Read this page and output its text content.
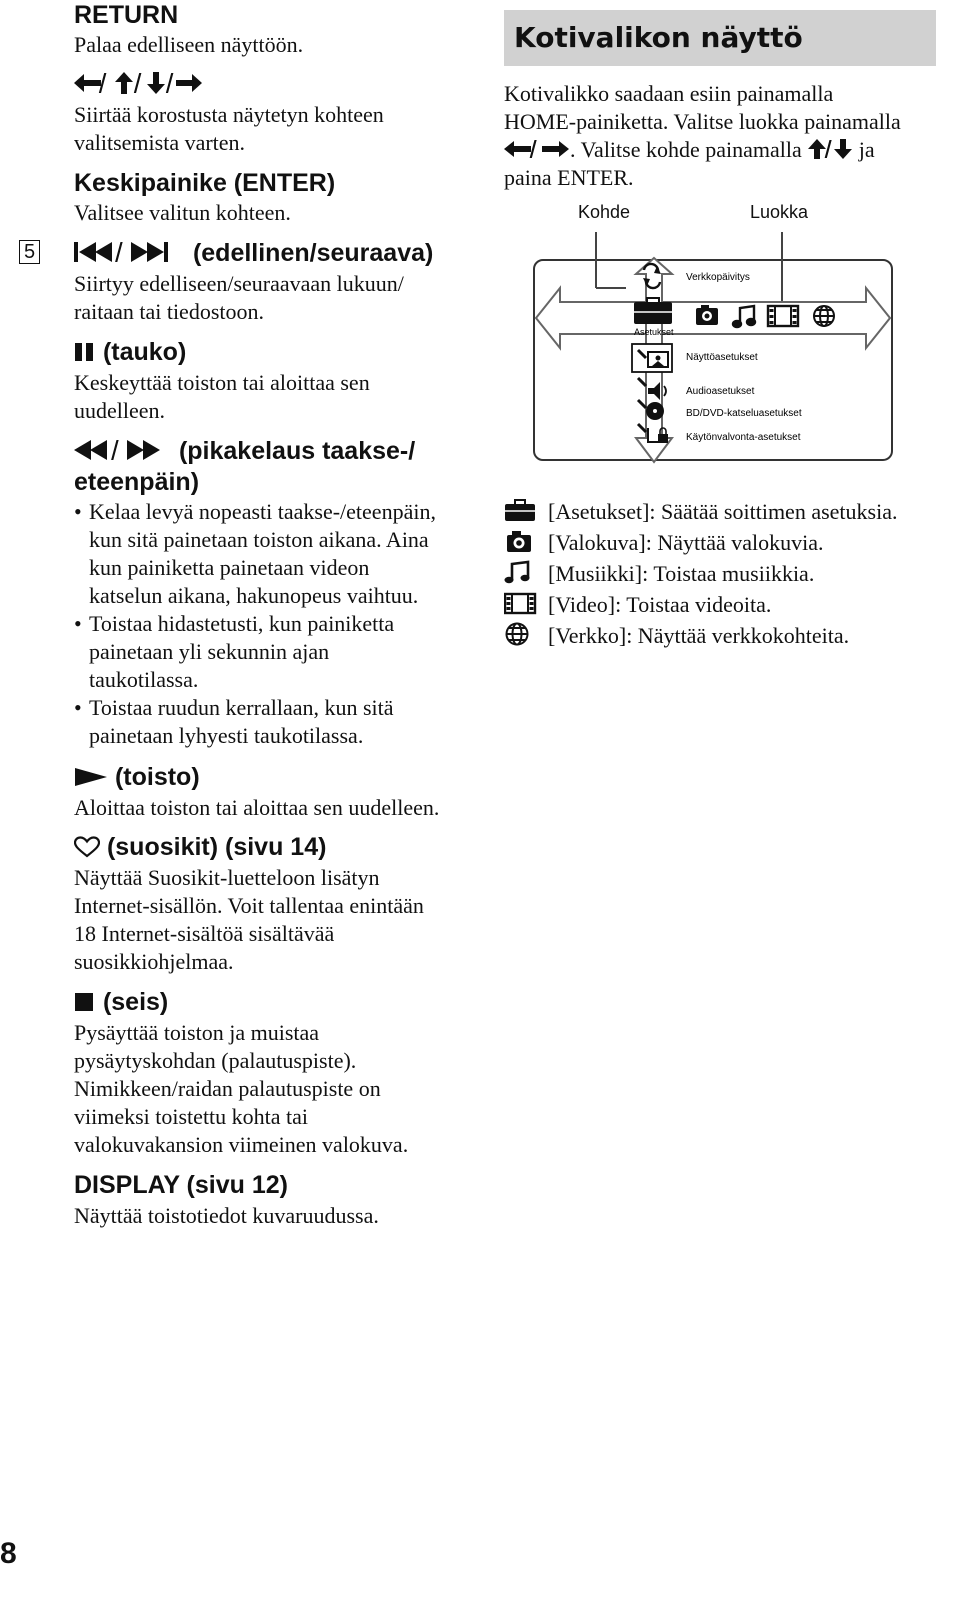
RETURN
Palaa edelliseen näyttöön.
Siirtää korostusta näytetyn kohteen
valitsemista varten.
Keskipainike (ENTER)
Valitsee valitun kohteen.
5	(edellinen/seuraava)
Siirtyy edelliseen/seuraavaan lukuun/
raitaan tai tiedostoon.
(tauko)
Keskeyttää toiston tai aloittaa sen
uudelleen.
(pikakelaus taakse-/
eteenpäin)
• Kelaa levyä nopeasti taakse-/eteenpäin,
kun sitä painetaan toiston aikana. Aina
kun painiketta painetaan videon
katselun aikana, hakunopeus vaihtuu.
• Toistaa hidastetusti, kun painiketta
painetaan yli sekunnin ajan
taukotilassa.
• Toistaa ruudun kerrallaan, kun sitä
painetaan lyhyesti taukotilassa.
(toisto)
Aloittaa toiston tai aloittaa sen uudelleen.
(suosikit) (sivu 14)
Näyttää Suosikit-luetteloon lisätyn
Internet-sisällön. Voit tallentaa enintään
18 Internet-sisältöä sisältävää
suosikkiohjelmaa.
(seis)
Pysäyttää toiston ja muistaa
pysäytyskohdan (palautuspiste).
Nimikkeen/raidan palautuspiste on
viimeksi toistettu kohta tai
valokuvakansion viimeinen valokuva.
DISPLAY (sivu 12)
Näyttää toistotiedot kuvaruudussa.
8
Kotivalikon näyttö
Kotivalikko saadaan esiin painamalla
HOME-painiketta. Valitse luokka painamalla
. Valitse kohde painamalla  ja
paina ENTER.
Kohde	Luokka
Verkkopäivitys
Asetukset
Näyttöasetukset
Audioasetukset
BD/DVD-katseluasetukset
Käytönvalvonta-asetukset
[Asetukset]: Säätää soittimen asetuksia.
[Valokuva]: Näyttää valokuvia.
[Musiikki]: Toistaa musiikkia.
[Video]: Toistaa videoita.
[Verkko]: Näyttää verkkokohteita.
